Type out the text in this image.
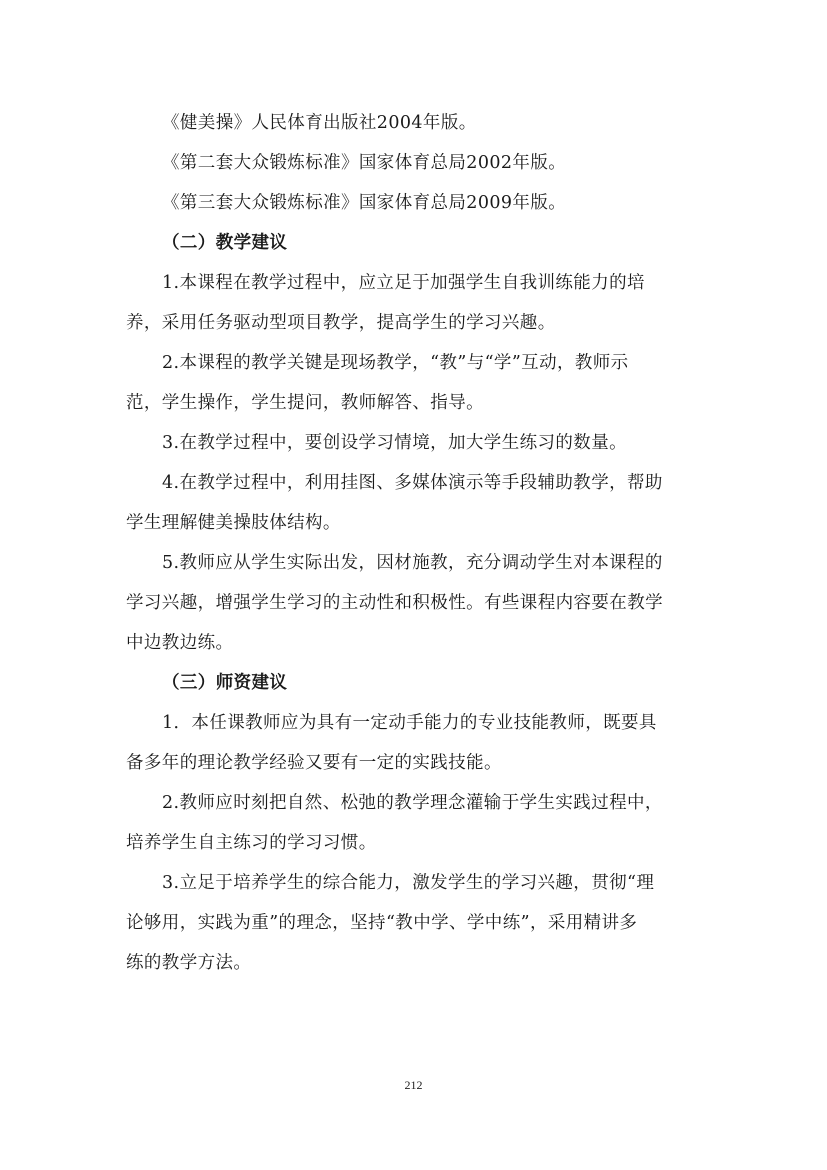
《健美操》人民体育出版社2004年版。

《第二套大众锻炼标准》国家体育总局2002年版。

《第三套大众锻炼标准》国家体育总局2009年版。

（二）教学建议

1.本课程在教学过程中，应立足于加强学生自我训练能力的培

养，采用任务驱动型项目教学，提高学生的学习兴趣。

2.本课程的教学关键是现场教学，“教”与“学”互动，教师示

范，学生操作，学生提问，教师解答、指导。

3.在教学过程中，要创设学习情境，加大学生练习的数量。

4.在教学过程中，利用挂图、多媒体演示等手段辅助教学，帮助

学生理解健美操肢体结构。

5.教师应从学生实际出发，因材施教，充分调动学生对本课程的

学习兴趣，增强学生学习的主动性和积极性。有些课程内容要在教学

中边教边练。

（三）师资建议

1．本任课教师应为具有一定动手能力的专业技能教师，既要具

备多年的理论教学经验又要有一定的实践技能。

2.教师应时刻把自然、松弛的教学理念灌输于学生实践过程中，

培养学生自主练习的学习习惯。

3.立足于培养学生的综合能力，激发学生的学习兴趣，贯彻“理

论够用，实践为重”的理念，坚持“教中学、学中练”，采用精讲多

练的教学方法。

212
